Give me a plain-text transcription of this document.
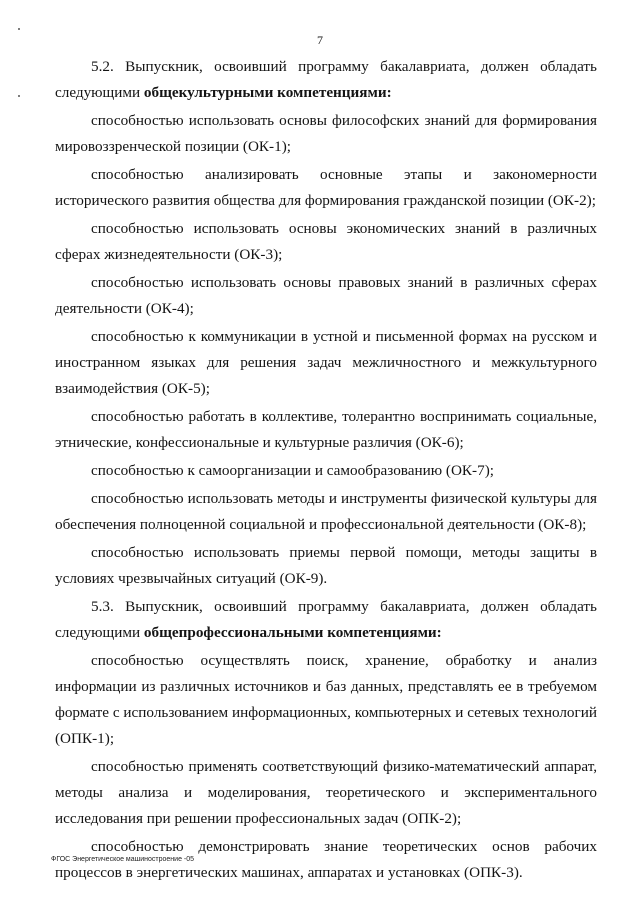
7

5.2. Выпускник, освоивший программу бакалавриата, должен обладать

следующими общекультурными компетенциями:

способностью использовать основы философских знаний для формирования мировоззренческой позиции (ОК-1);

способностью анализировать основные этапы и закономерности исторического развития общества для формирования гражданской позиции (ОК-2);

способностью использовать основы экономических знаний в различных сферах жизнедеятельности (ОК-3);

способностью использовать основы правовых знаний в различных сферах деятельности (ОК-4);

способностью к коммуникации в устной и письменной формах на русском и иностранном языках для решения задач межличностного и межкультурного взаимодействия (ОК-5);

способностью работать в коллективе, толерантно воспринимать социальные, этнические, конфессиональные и культурные различия (ОК-6);

способностью к самоорганизации и самообразованию (ОК-7);

способностью использовать методы и инструменты физической культуры для обеспечения полноценной социальной и профессиональной деятельности (ОК-8);

способностью использовать приемы первой помощи, методы защиты в условиях чрезвычайных ситуаций (ОК-9).

5.3. Выпускник, освоивший программу бакалавриата, должен обладать

следующими общепрофессиональными компетенциями:

способностью осуществлять поиск, хранение, обработку и анализ информации из различных источников и баз данных, представлять ее в требуемом формате с использованием информационных, компьютерных и сетевых технологий (ОПК-1);

способностью применять соответствующий физико-математический аппарат, методы анализа и моделирования, теоретического и экспериментального исследования при решении профессиональных задач (ОПК-2);

способностью демонстрировать знание теоретических основ рабочих процессов в энергетических машинах, аппаратах и установках (ОПК-3).

ФГОС Энергетическое машиностроение -05
